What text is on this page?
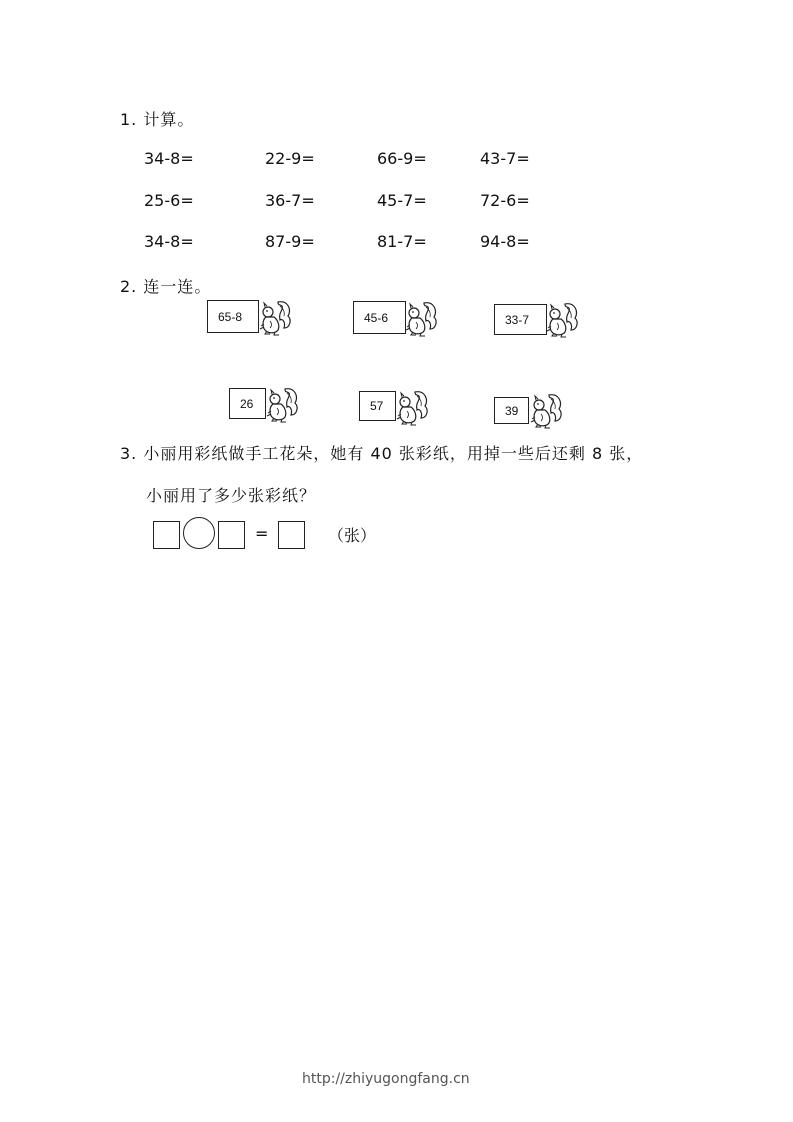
1. 计算。
34-8=	22-9=	66-9=	43-7=
25-6=	36-7=	45-7=	72-6=
34-8=	87-9=	81-7=	94-8=
2. 连一连。
65-8	45-6	33-7
26	57	39
3. 小丽用彩纸做手工花朵，她有 40 张彩纸，用掉一些后还剩 8 张，
小丽用了多少张彩纸？
=	（张）
http://zhiyugongfang.cn
